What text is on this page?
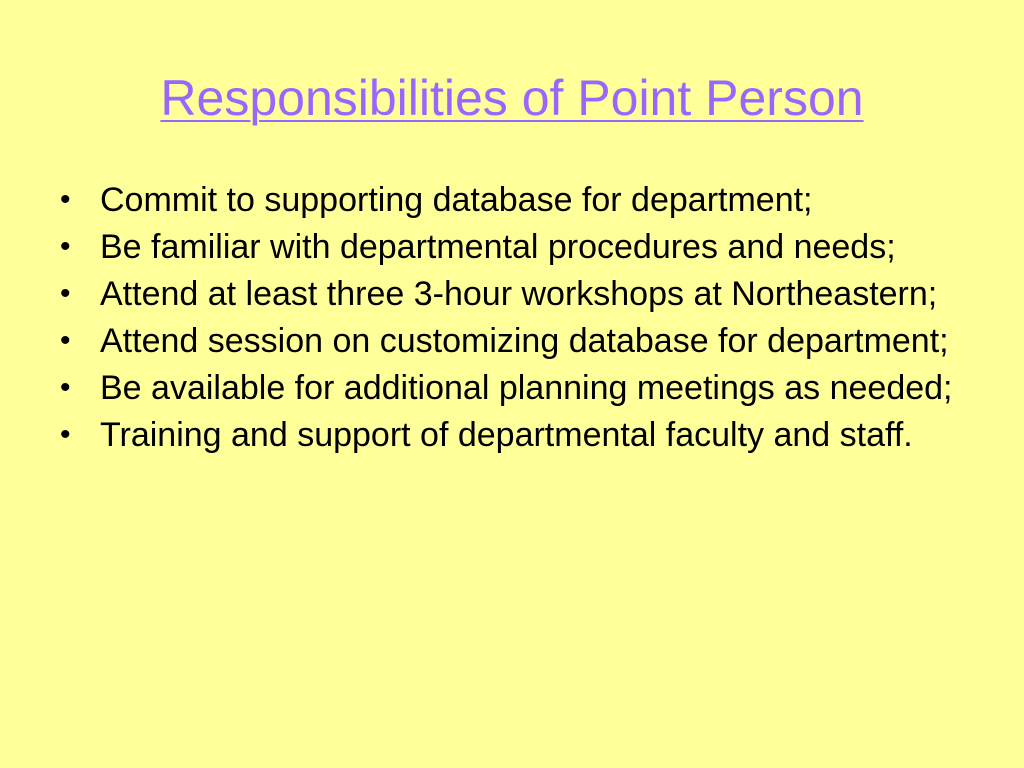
Responsibilities of Point Person
• Commit to supporting database for department;
• Be familiar with departmental procedures and needs;
• Attend at least three 3-hour workshops at Northeastern;
• Attend session on customizing database for department;
• Be available for additional planning meetings as needed;
• Training and support of departmental faculty and staff.
